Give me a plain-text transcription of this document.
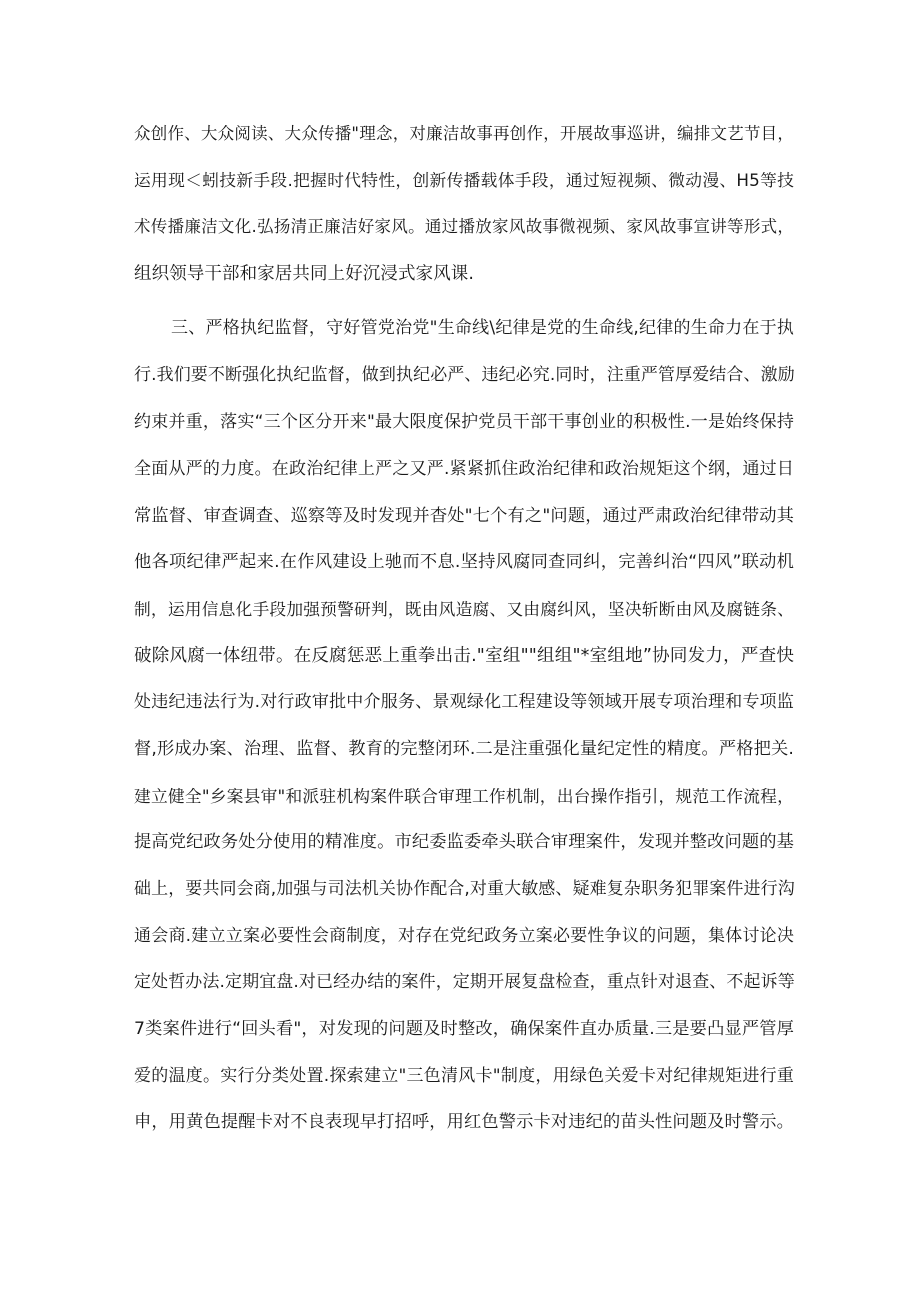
众创作、大众阅读、大众传播"理念，对廉洁故事再创作，开展故事巡讲，编排文艺节目，
运用现＜蚓技新手段.把握时代特性，创新传播载体手段，通过短视频、微动漫、H5等技
术传播廉洁文化.弘扬清正廉洁好家风。通过播放家风故事微视频、家风故事宣讲等形式，
组织领导干部和家居共同上好沉浸式家风课.
三、严格执纪监督，守好管党治党"生命线\纪律是党的生命线,纪律的生命力在于执
行.我们要不断强化执纪监督，做到执纪必严、违纪必究.同时，注重严管厚爱结合、激励
约束并重，落实“三个区分开来"最大限度保护党员干部干事创业的积极性.一是始终保持
全面从严的力度。在政治纪律上严之又严.紧紧抓住政治纪律和政治规矩这个纲，通过日
常监督、审查调查、巡察等及时发现并杳处"七个有之"问题，通过严肃政治纪律带动其
他各项纪律严起来.在作风建设上驰而不息.坚持风腐同查同纠，完善纠治“四风”联动机
制，运用信息化手段加强预警研判，既由风造腐、又由腐纠风，坚决斩断由风及腐链条、
破除风腐一体纽带。在反腐惩恶上重拳出击."室组""组组"*室组地”协同发力，严查快
处违纪违法行为.对行政审批中介服务、景观绿化工程建设等领域开展专项治理和专项监
督,形成办案、治理、监督、教育的完整闭环.二是注重强化量纪定性的精度。严格把关.
建立健全"乡案县审"和派驻机构案件联合审理工作机制，出台操作指引，规范工作流程，
提高党纪政务处分使用的精准度。市纪委监委牵头联合审理案件，发现并整改问题的基
础上，要共同会商,加强与司法机关协作配合,对重大敏感、疑难复杂职务犯罪案件进行沟
通会商.建立立案必要性会商制度，对存在党纪政务立案必要性争议的问题，集体讨论决
定处哲办法.定期宜盘.对已经办结的案件，定期开展复盘检查，重点针对退查、不起诉等
7类案件进行“回头看"，对发现的问题及时整改，确保案件直办质量.三是要凸显严管厚
爱的温度。实行分类处置.探索建立"三色清风卡"制度，用绿色关爱卡对纪律规矩进行重
申，用黄色提醒卡对不良表现早打招呼，用红色警示卡对违纪的苗头性问题及时警示。
